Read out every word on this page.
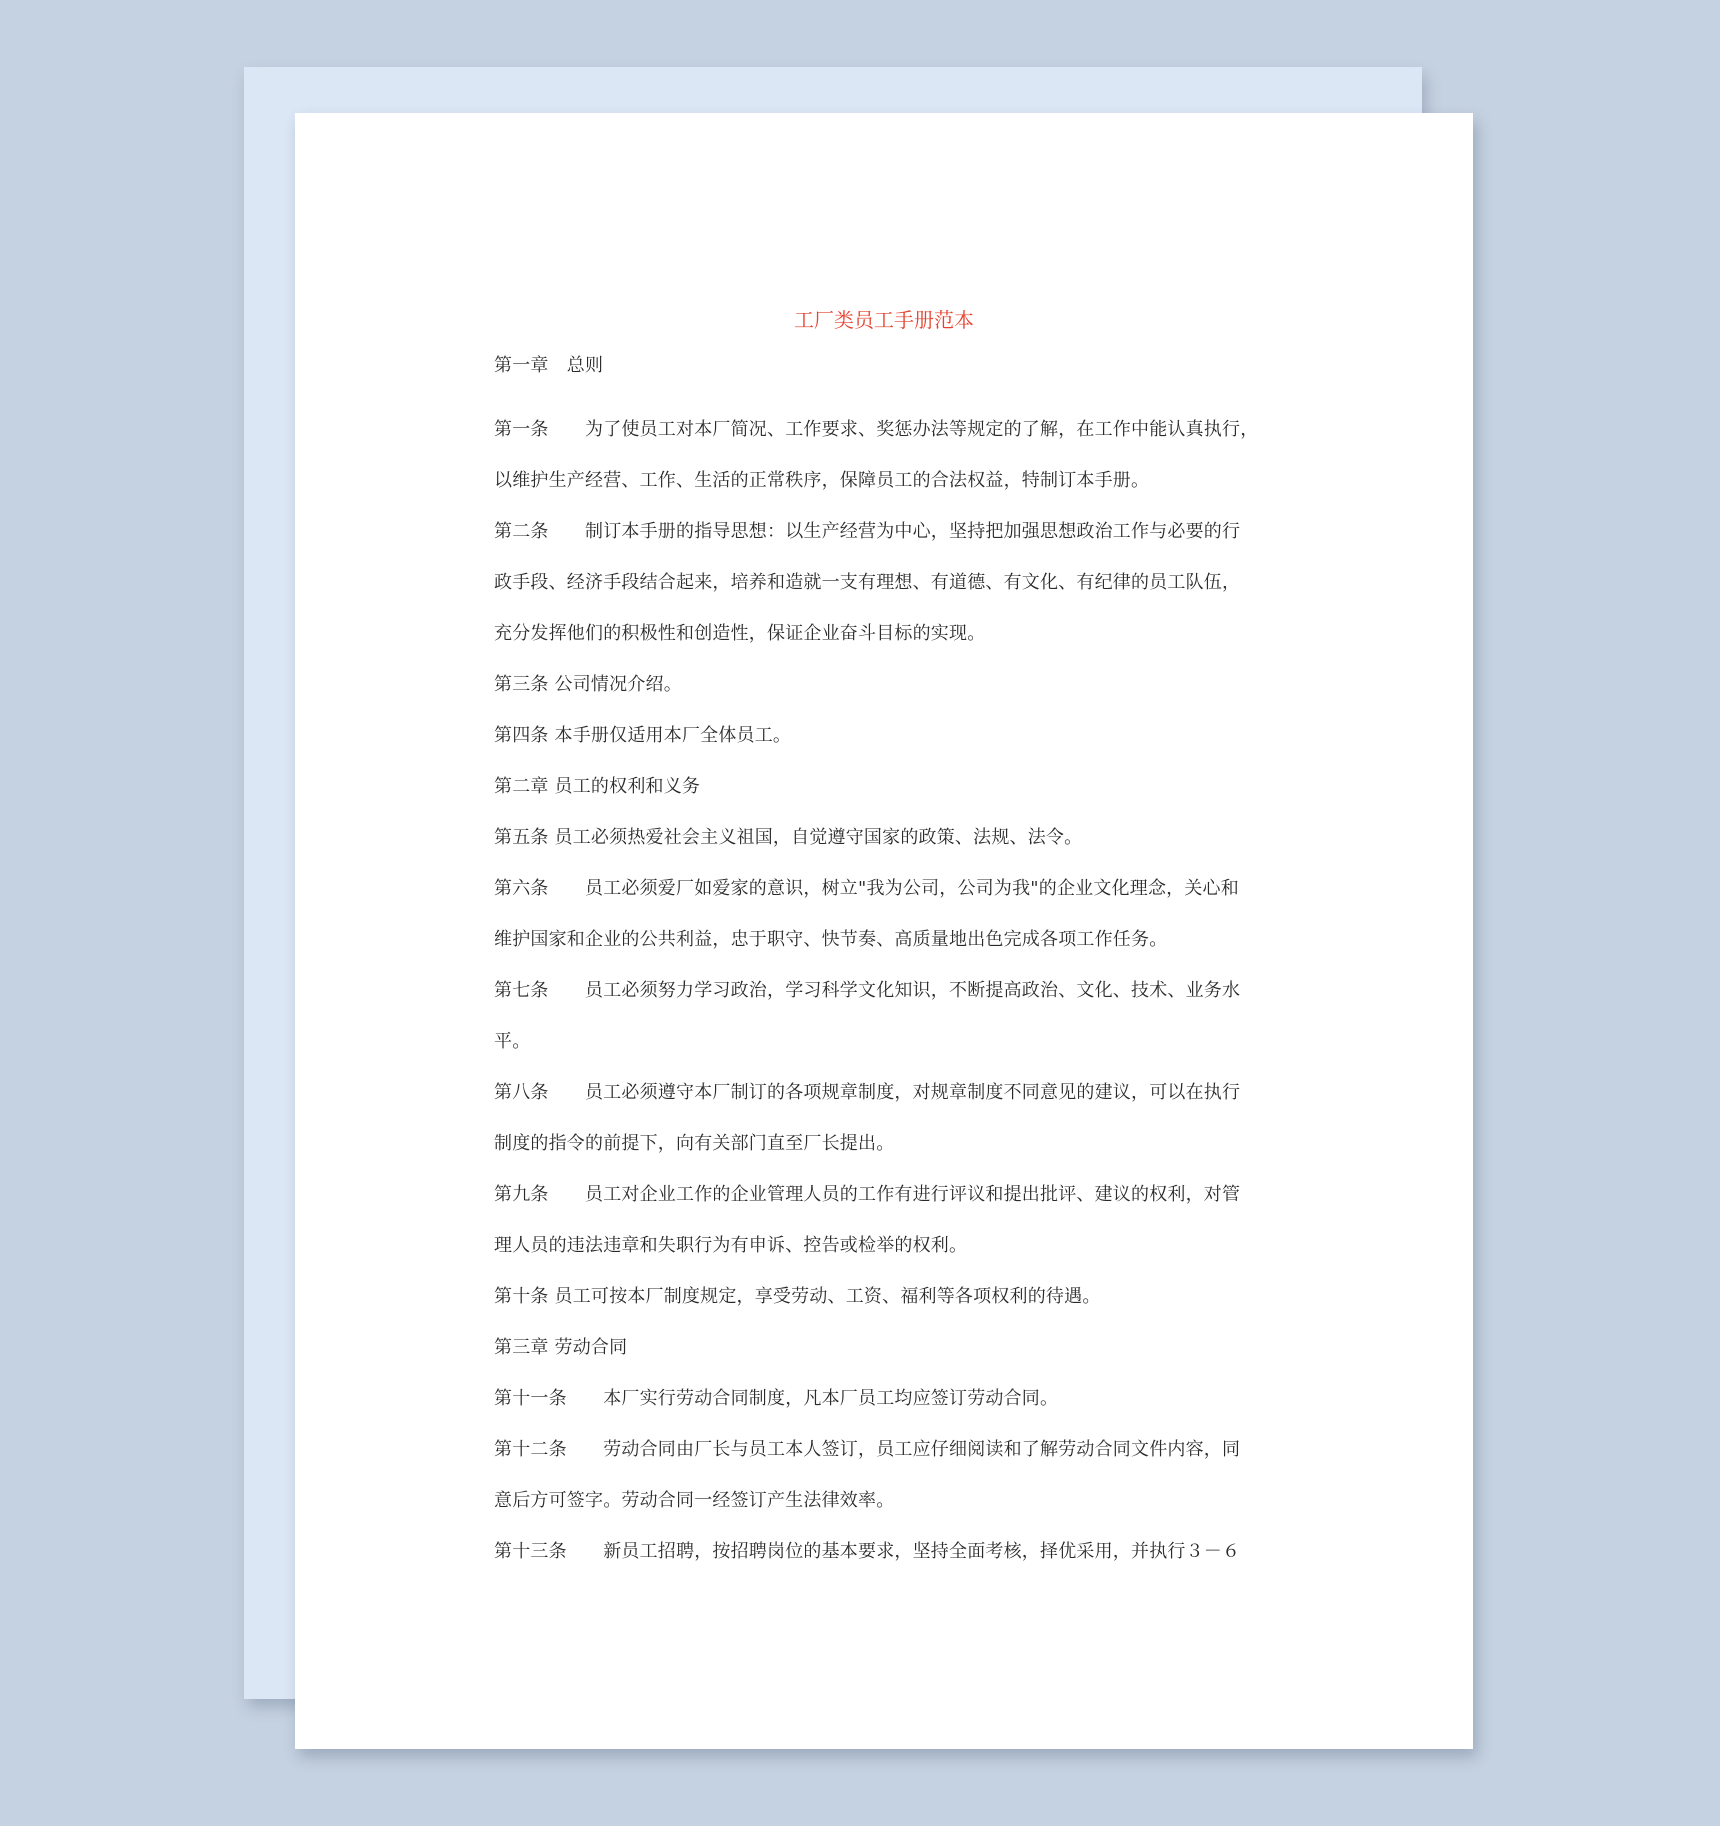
工厂类员工手册范本
第一章　总则
第一条　　为了使员工对本厂简况、工作要求、奖惩办法等规定的了解，在工作中能认真执行，
以维护生产经营、工作、生活的正常秩序，保障员工的合法权益，特制订本手册。
第二条　　制订本手册的指导思想：以生产经营为中心，坚持把加强思想政治工作与必要的行
政手段、经济手段结合起来，培养和造就一支有理想、有道德、有文化、有纪律的员工队伍，
充分发挥他们的积极性和创造性，保证企业奋斗目标的实现。
第三条 公司情况介绍。
第四条 本手册仅适用本厂全体员工。
第二章 员工的权利和义务
第五条 员工必须热爱社会主义祖国，自觉遵守国家的政策、法规、法令。
第六条　　员工必须爱厂如爱家的意识，树立"我为公司，公司为我"的企业文化理念，关心和
维护国家和企业的公共利益，忠于职守、快节奏、高质量地出色完成各项工作任务。
第七条　　员工必须努力学习政治，学习科学文化知识，不断提高政治、文化、技术、业务水
平。
第八条　　员工必须遵守本厂制订的各项规章制度，对规章制度不同意见的建议，可以在执行
制度的指令的前提下，向有关部门直至厂长提出。
第九条　　员工对企业工作的企业管理人员的工作有进行评议和提出批评、建议的权利，对管
理人员的违法违章和失职行为有申诉、控告或检举的权利。
第十条 员工可按本厂制度规定，享受劳动、工资、福利等各项权利的待遇。
第三章 劳动合同
第十一条　　本厂实行劳动合同制度，凡本厂员工均应签订劳动合同。
第十二条　　劳动合同由厂长与员工本人签订，员工应仔细阅读和了解劳动合同文件内容，同
意后方可签字。劳动合同一经签订产生法律效率。
第十三条　　新员工招聘，按招聘岗位的基本要求，坚持全面考核，择优采用，并执行３－６
